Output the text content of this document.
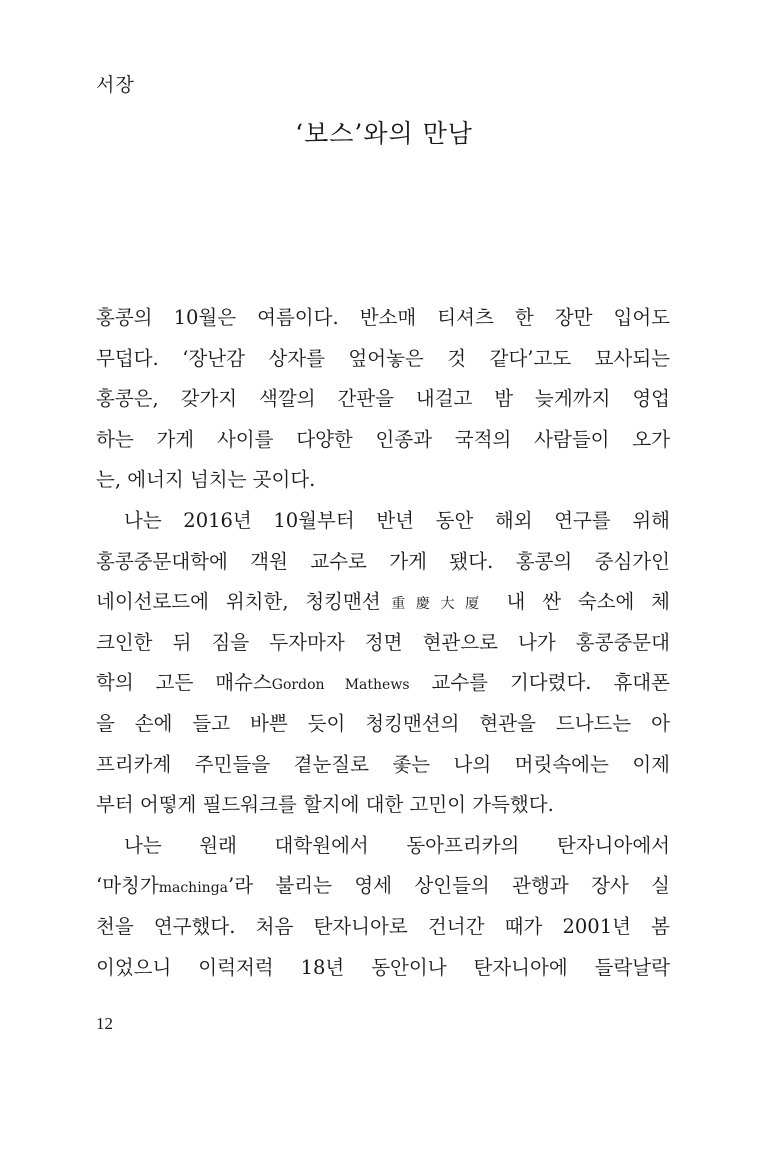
서장
‘보스’와의 만남
홍콩의 10월은 여름이다. 반소매 티셔츠 한 장만 입어도
무덥다. ‘장난감 상자를 엎어놓은 것 같다’고도 묘사되는
홍콩은, 갖가지 색깔의 간판을 내걸고 밤 늦게까지 영업
하는 가게 사이를 다양한 인종과 국적의 사람들이 오가
는, 에너지 넘치는 곳이다.
나는 2016년 10월부터 반년 동안 해외 연구를 위해
홍콩중문대학에 객원 교수로 가게 됐다. 홍콩의 중심가인
네이선로드에 위치한, 청킹맨션重慶大厦 내 싼 숙소에 체
크인한 뒤 짐을 두자마자 정면 현관으로 나가 홍콩중문대
학의 고든 매슈스Gordon Mathews 교수를 기다렸다. 휴대폰
을 손에 들고 바쁜 듯이 청킹맨션의 현관을 드나드는 아
프리카계 주민들을 곁눈질로 좇는 나의 머릿속에는 이제
부터 어떻게 필드워크를 할지에 대한 고민이 가득했다.
나는 원래 대학원에서 동아프리카의 탄자니아에서
‘마칭가machinga’라 불리는 영세 상인들의 관행과 장사 실
천을 연구했다. 처음 탄자니아로 건너간 때가 2001년 봄
이었으니 이럭저럭 18년 동안이나 탄자니아에 들락날락
12
